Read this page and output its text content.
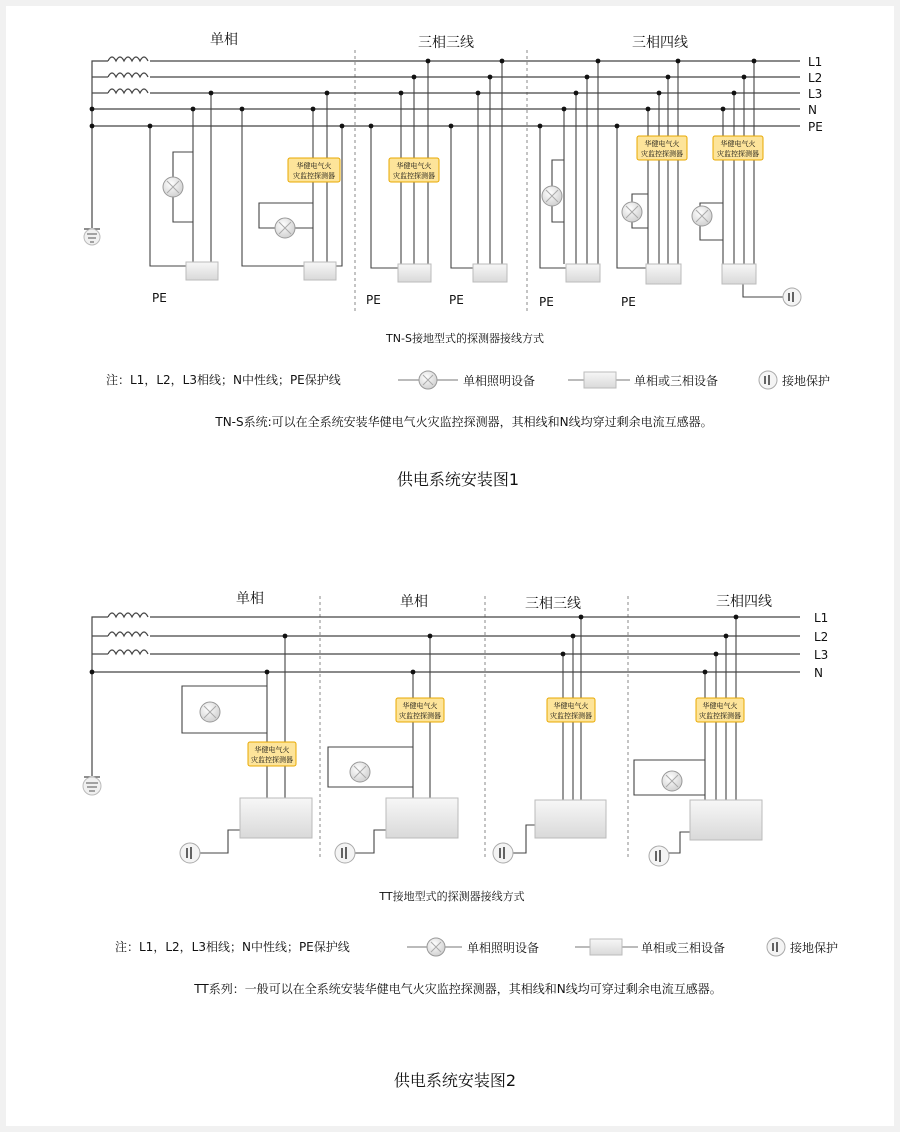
单相	三相三线	三相四线
L1
L2
L3
N
PE
华健电气火
灾监控探测器
华健电气火
灾监控探测器
华健电气火
灾监控探测器
华健电气火
灾监控探测器
PE	PE	PE	PE	PE
TN-S接地型式的探测器接线方式
注：L1，L2，L3相线；N中性线；PE保护线	单相照明设备	单相或三相设备	接地保护
TN-S系统:可以在全系统安装华健电气火灾监控探测器，其相线和N线均穿过剩余电流互感器。
供电系统安装图1
单相	单相	三相三线	三相四线
L1
L2
L3
N
华健电气火
灾监控探测器
华健电气火
灾监控探测器
华健电气火
灾监控探测器
华健电气火
灾监控探测器
TT接地型式的探测器接线方式
注：L1，L2，L3相线；N中性线；PE保护线	单相照明设备	单相或三相设备	接地保护
TT系列：一般可以在全系统安装华健电气火灾监控探测器，其相线和N线均可穿过剩余电流互感器。
供电系统安装图2
